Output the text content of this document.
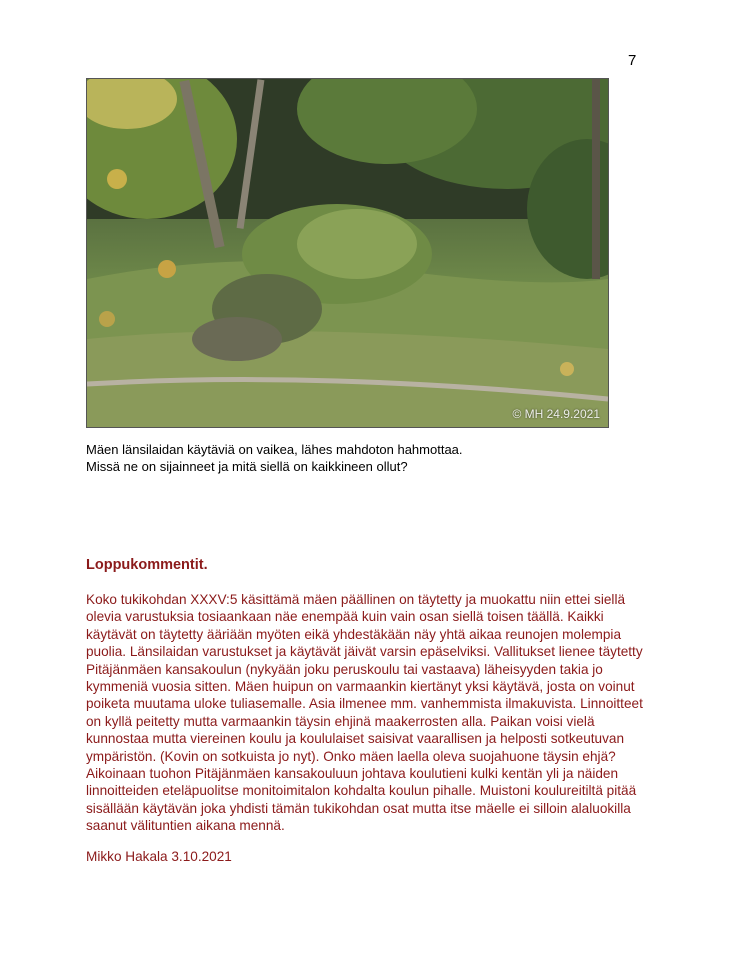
7
© MH 24.9.2021
Mäen länsilaidan käytäviä on vaikea, lähes mahdoton hahmottaa.
Missä ne on sijainneet ja mitä siellä on kaikkineen ollut?
Loppukommentit.
Koko tukikohdan XXXV:5 käsittämä mäen päällinen on täytetty ja muokattu niin ettei siellä
olevia varustuksia tosiaankaan näe enempää kuin vain osan siellä toisen täällä. Kaikki
käytävät on täytetty ääriään myöten eikä yhdestäkään näy yhtä aikaa reunojen molempia
puolia. Länsilaidan varustukset ja käytävät jäivät varsin epäselviksi. Vallitukset lienee täytetty
Pitäjänmäen kansakoulun (nykyään joku peruskoulu tai vastaava) läheisyyden takia jo
kymmeniä vuosia sitten. Mäen huipun on varmaankin kiertänyt yksi käytävä, josta on voinut
poiketa muutama uloke tuliasemalle. Asia ilmenee mm. vanhemmista ilmakuvista. Linnoitteet
on kyllä peitetty mutta varmaankin täysin ehjinä maakerrosten alla. Paikan voisi vielä
kunnostaa mutta viereinen koulu ja koululaiset saisivat vaarallisen ja helposti sotkeutuvan
ympäristön. (Kovin on sotkuista jo nyt). Onko mäen laella oleva suojahuone täysin ehjä?
Aikoinaan tuohon Pitäjänmäen kansakouluun johtava koulutieni kulki kentän yli ja näiden
linnoitteiden eteläpuolitse monitoimitalon kohdalta koulun pihalle. Muistoni koulureitiltä pitää
sisällään käytävän joka yhdisti tämän tukikohdan osat mutta itse mäelle ei silloin alaluokilla
saanut välituntien aikana mennä.
Mikko Hakala 3.10.2021
